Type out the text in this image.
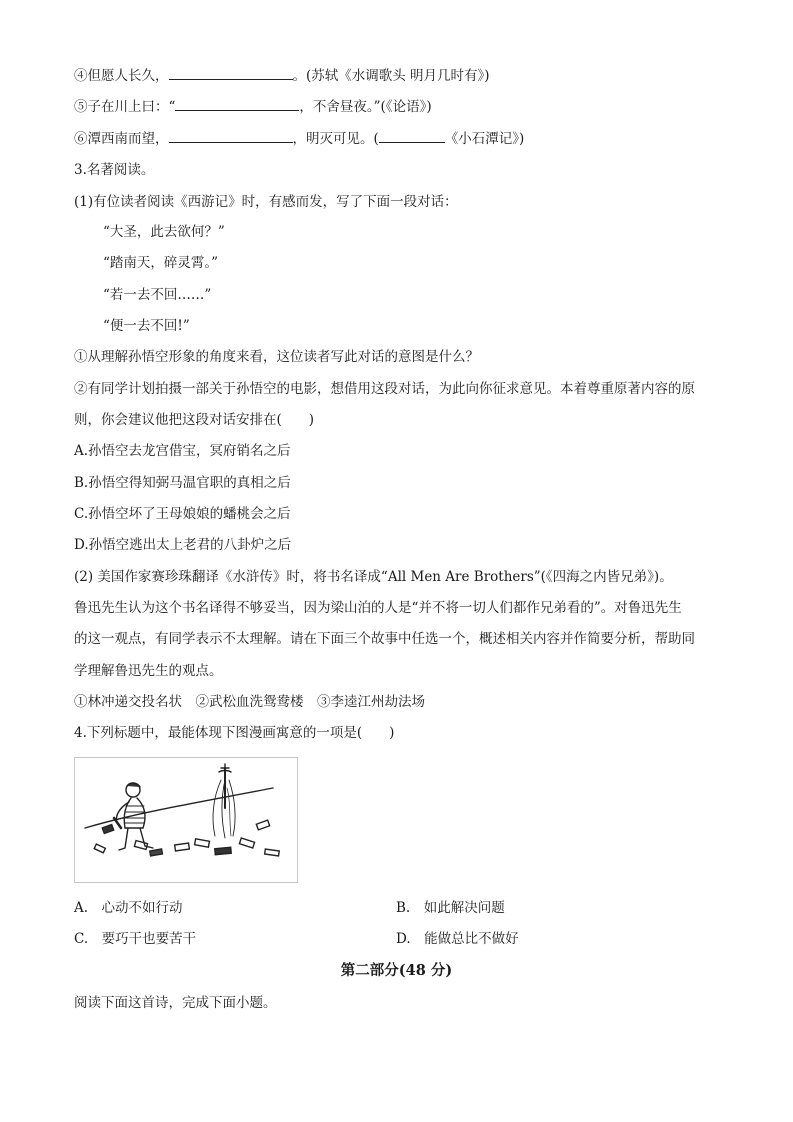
④但愿人长久，	。(苏轼《水调歌头 明月几时有》)
⑤子在川上曰：“	，不舍昼夜。”(《论语》)
⑥潭西南而望，	，明灭可见。(	《小石潭记》)
3.名著阅读。
(1)有位读者阅读《西游记》时，有感而发，写了下面一段对话：
“大圣，此去欲何？”
“踏南天，碎灵霄。”
“若一去不回……”
“便一去不回!”
①从理解孙悟空形象的角度来看，这位读者写此对话的意图是什么？
②有同学计划拍摄一部关于孙悟空的电影，想借用这段对话，为此向你征求意见。本着尊重原著内容的原
则，你会建议他把这段对话安排在(　　)
A.孙悟空去龙宫借宝，冥府销名之后
B.孙悟空得知弼马温官职的真相之后
C.孙悟空坏了王母娘娘的蟠桃会之后
D.孙悟空逃出太上老君的八卦炉之后
(2) 美国作家赛珍珠翻译《水浒传》时，将书名译成“All Men Are Brothers”(《四海之内皆兄弟》)。
鲁迅先生认为这个书名译得不够妥当，因为梁山泊的人是“并不将一切人们都作兄弟看的”。对鲁迅先生
的这一观点，有同学表示不太理解。请在下面三个故事中任选一个，概述相关内容并作简要分析，帮助同
学理解鲁迅先生的观点。
①林冲递交投名状　②武松血洗鸳鸯楼　③李逵江州劫法场
4.下列标题中，最能体现下图漫画寓意的一项是(　　)
A.　心动不如行动	B.　如此解决问题
C.　要巧干也要苦干	D.　能做总比不做好
第二部分(48 分)
阅读下面这首诗，完成下面小题。
